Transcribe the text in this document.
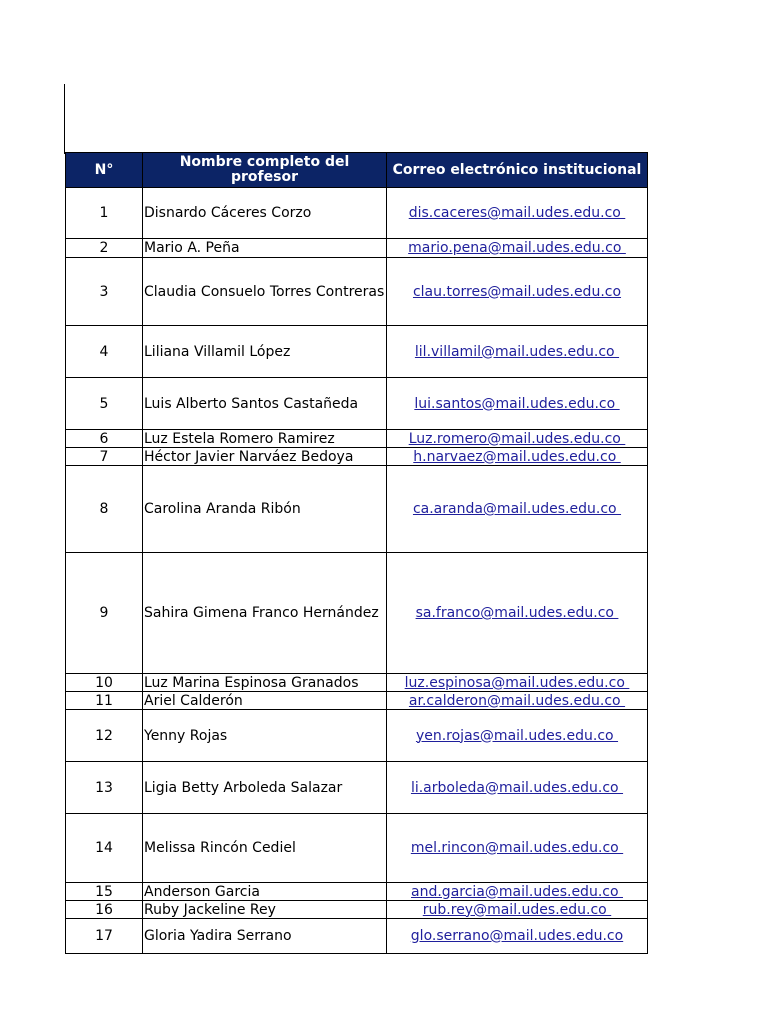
N°	Nombre completo del profesor	Correo electrónico institucional
1	Disnardo Cáceres Corzo	dis.caceres@mail.udes.edu.co
2	Mario A. Peña	mario.pena@mail.udes.edu.co
3	Claudia Consuelo Torres Contreras	clau.torres@mail.udes.edu.co
4	Liliana Villamil López	lil.villamil@mail.udes.edu.co
5	Luis Alberto Santos Castañeda	lui.santos@mail.udes.edu.co
6	Luz Estela Romero Ramirez	Luz.romero@mail.udes.edu.co
7	Héctor Javier Narváez Bedoya	h.narvaez@mail.udes.edu.co
8	Carolina Aranda Ribón	ca.aranda@mail.udes.edu.co
9	Sahira Gimena Franco Hernández	sa.franco@mail.udes.edu.co
10	Luz Marina Espinosa Granados	luz.espinosa@mail.udes.edu.co
11	Ariel Calderón	ar.calderon@mail.udes.edu.co
12	Yenny Rojas	yen.rojas@mail.udes.edu.co
13	Ligia Betty Arboleda Salazar	li.arboleda@mail.udes.edu.co
14	Melissa Rincón Cediel	mel.rincon@mail.udes.edu.co
15	Anderson Garcia	and.garcia@mail.udes.edu.co
16	Ruby Jackeline Rey	rub.rey@mail.udes.edu.co
17	Gloria Yadira Serrano	glo.serrano@mail.udes.edu.co
